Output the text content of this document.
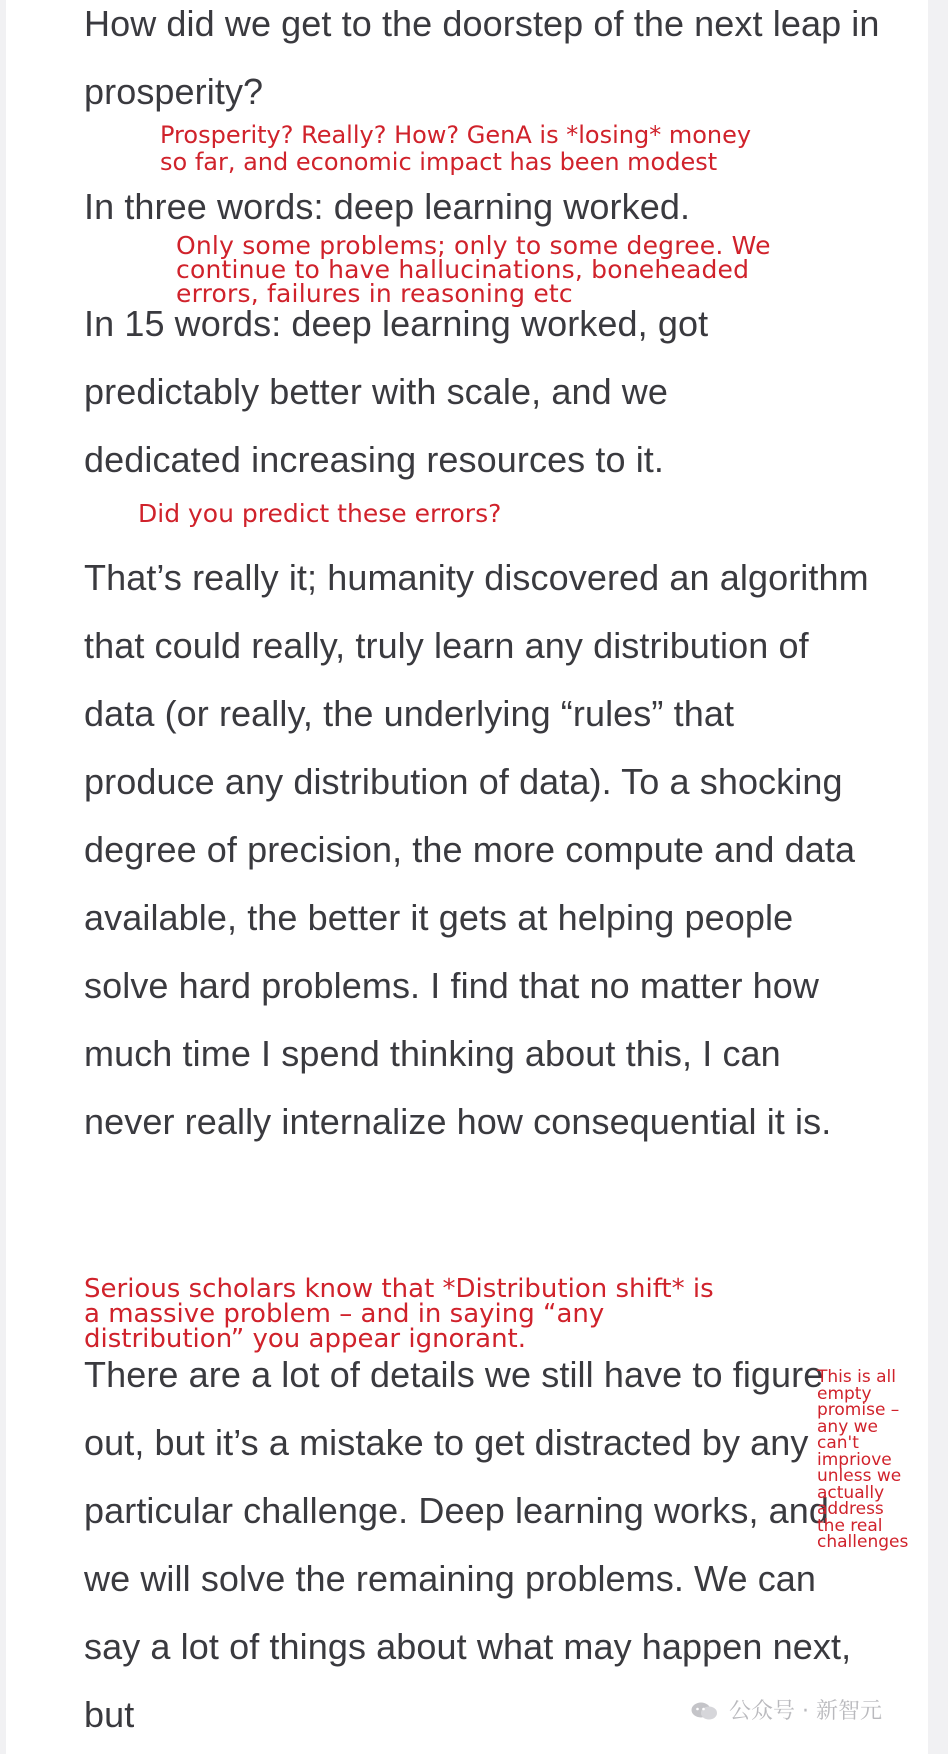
How did we get to the doorstep of the next leap in prosperity?

In three words: deep learning worked.

In 15 words: deep learning worked, got predictably better with scale, and we dedicated increasing resources to it.

That’s really it; humanity discovered an algorithm that could really, truly learn any distribution of data (or really, the underlying “rules” that produce any distribution of data). To a shocking degree of precision, the more compute and data available, the better it gets at helping people solve hard problems. I find that no matter how much time I spend thinking about this, I can never really internalize how consequential it is.

There are a lot of details we still have to figure out, but it’s a mistake to get distracted by any particular challenge. Deep learning works, and we will solve the remaining problems. We can say a lot of things about what may happen next, but

Prosperity? Really? How? GenA is *losing* money
so far, and economic impact has been modest

Only some problems; only to some degree. We
continue to have hallucinations, boneheaded
errors, failures in reasoning etc

Did you predict these errors?

Serious scholars know that *Distribution shift* is
a massive problem – and in saying “any
distribution” you appear ignorant.

This is all
empty
promise –
any we
can't
impriove
unless we
actually
address
the real
challenges

公众号 · 新智元
